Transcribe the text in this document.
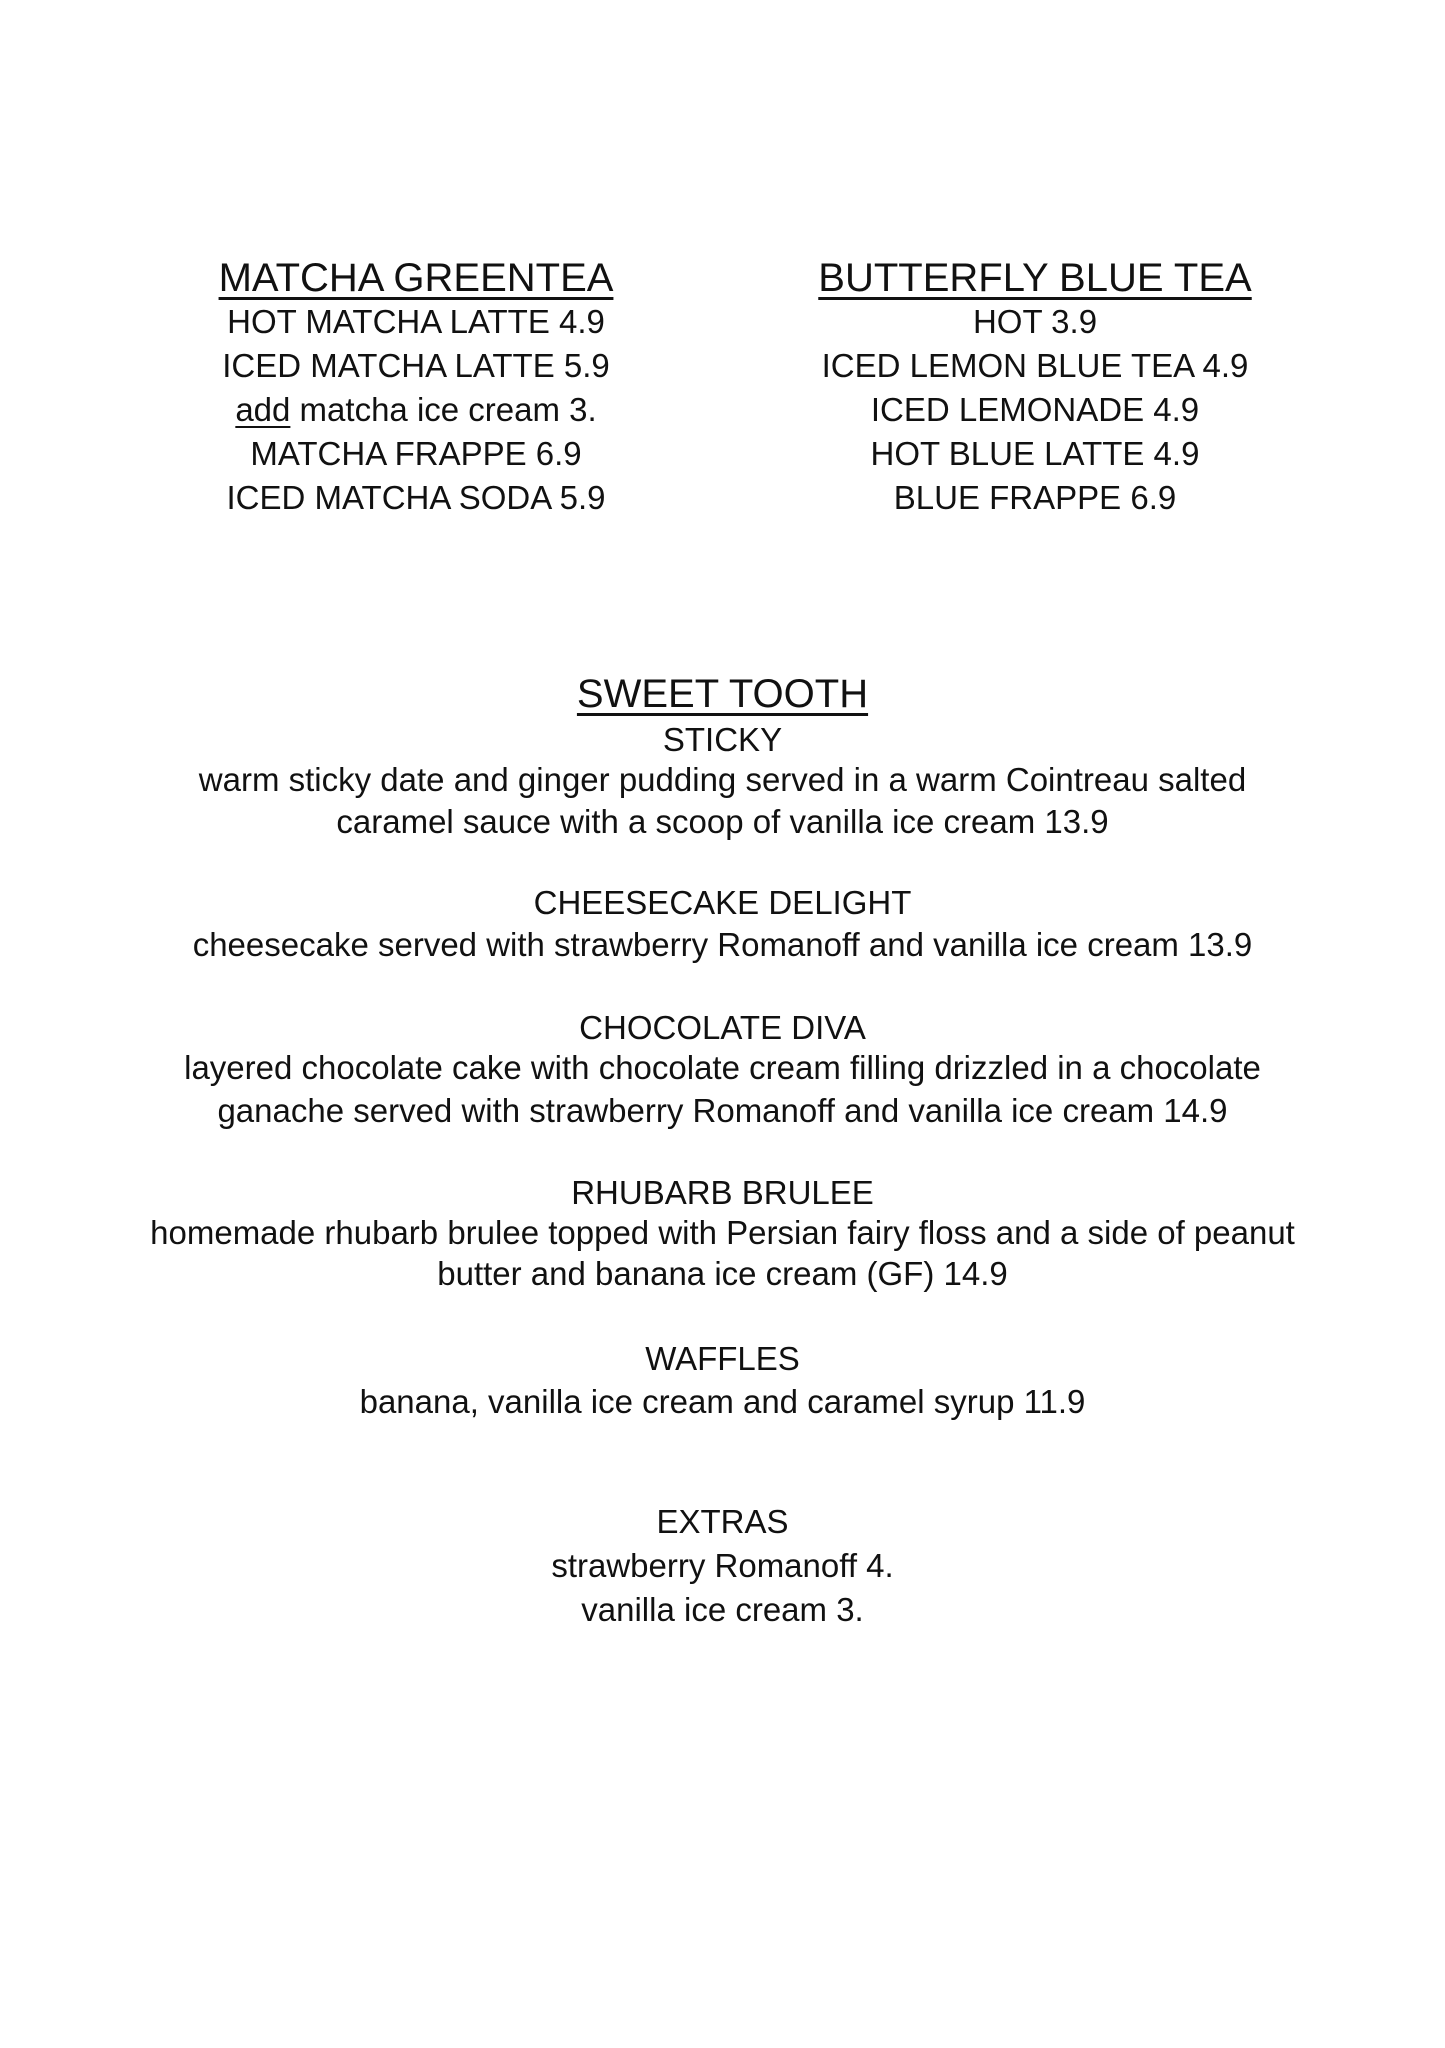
MATCHA GREENTEA
HOT MATCHA LATTE 4.9
ICED MATCHA LATTE 5.9
add matcha ice cream 3.
MATCHA FRAPPE 6.9
ICED MATCHA SODA 5.9
BUTTERFLY BLUE TEA
HOT 3.9
ICED LEMON BLUE TEA 4.9
ICED LEMONADE 4.9
HOT BLUE LATTE 4.9
BLUE FRAPPE 6.9
SWEET TOOTH
STICKY
warm sticky date and ginger pudding served in a warm Cointreau salted
caramel sauce with a scoop of vanilla ice cream 13.9
CHEESECAKE DELIGHT
cheesecake served with strawberry Romanoff and vanilla ice cream 13.9
CHOCOLATE DIVA
layered chocolate cake with chocolate cream filling drizzled in a chocolate
ganache served with strawberry Romanoff and vanilla ice cream 14.9
RHUBARB BRULEE
homemade rhubarb brulee topped with Persian fairy floss and a side of peanut
butter and banana ice cream (GF) 14.9
WAFFLES
banana, vanilla ice cream and caramel syrup 11.9
EXTRAS
strawberry Romanoff 4.
vanilla ice cream 3.
